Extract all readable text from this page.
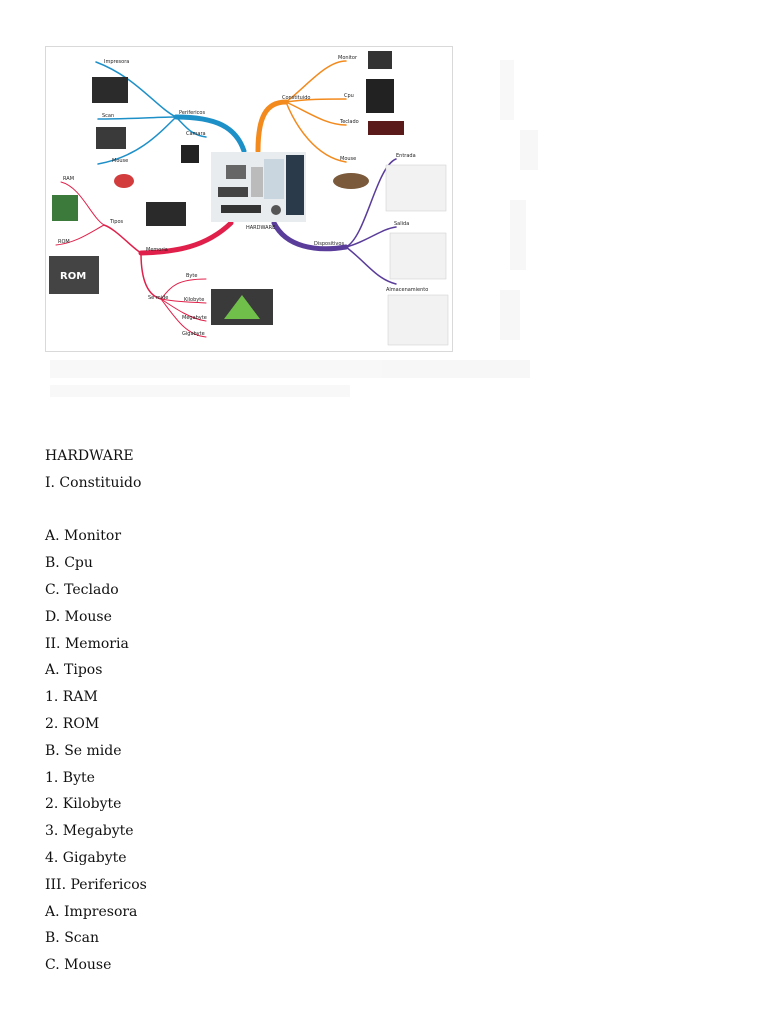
HARDWARE
ROM
Impresora
Scan
Camara
Mouse
Perifericos
Constituido
Monitor
Cpu
Teclado
Mouse
Memoria
Tipos
RAM
ROM
Se mide
Byte
Kilobyte
Megabyte
Gigabyte
Dispositivos
Entrada
Salida
Almacenamiento
HARDWARE
I. Constituido
A. Monitor
B. Cpu
C. Teclado
D. Mouse
II. Memoria
A. Tipos
1. RAM
2. ROM
B. Se mide
1. Byte
2. Kilobyte
3. Megabyte
4. Gigabyte
III. Perifericos
A. Impresora
B. Scan
C. Mouse
